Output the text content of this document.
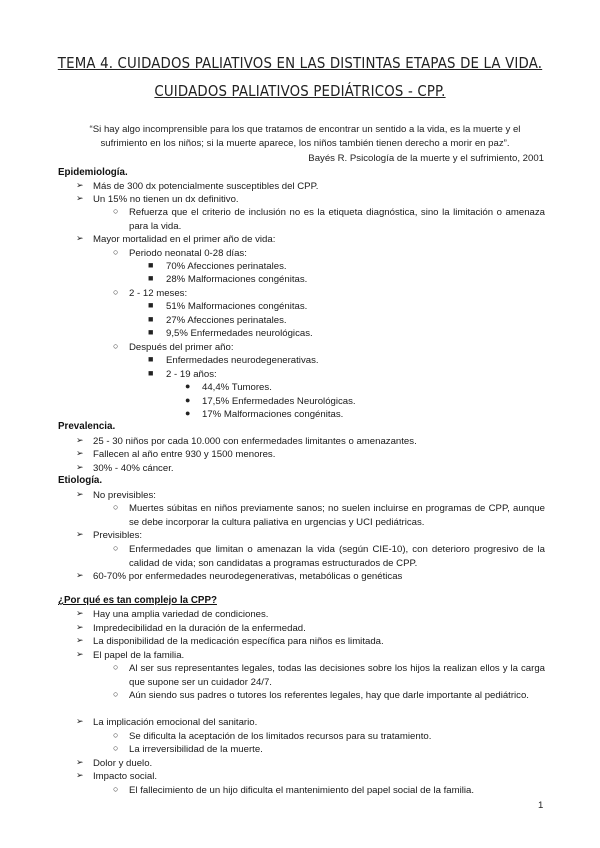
TEMA 4. CUIDADOS PALIATIVOS EN LAS DISTINTAS ETAPAS DE LA VIDA.
CUIDADOS PALIATIVOS PEDIÁTRICOS - CPP.
“Si hay algo incomprensible para los que tratamos de encontrar un sentido a la vida, es la muerte y el sufrimiento en los niños; si la muerte aparece, los niños también tienen derecho a morir en paz”.
Bayés R. Psicología de la muerte y el sufrimiento, 2001
Epidemiología.
➢ Más de 300 dx potencialmente susceptibles del CPP.
➢ Un 15% no tienen un dx definitivo.
○	Refuerza que el criterio de inclusión no es la etiqueta diagnóstica, sino la limitación o amenaza para la vida.
➢ Mayor mortalidad en el primer año de vida:
○	Periodo neonatal 0-28 días:
■	70% Afecciones perinatales.
■	28% Malformaciones congénitas.
○	2 - 12 meses:
■	51% Malformaciones congénitas.
■	27% Afecciones perinatales.
■	9,5% Enfermedades neurológicas.
○	Después del primer año:
■	Enfermedades neurodegenerativas.
■	2 - 19 años:
●	44,4% Tumores.
●	17,5% Enfermedades Neurológicas.
●	17% Malformaciones congénitas.
Prevalencia.
➢ 25 - 30 niños por cada 10.000 con enfermedades limitantes o amenazantes.
➢ Fallecen al año entre 930 y 1500 menores.
➢ 30% - 40% cáncer.
Etiología.
➢ No previsibles:
○	Muertes súbitas en niños previamente sanos; no suelen incluirse en programas de CPP, aunque se debe incorporar la cultura paliativa en urgencias y UCI pediátricas.
➢ Previsibles:
○	Enfermedades que limitan o amenazan la vida (según CIE-10), con deterioro progresivo de la calidad de vida; son candidatas a programas estructurados de CPP.
➢ 60-70% por enfermedades neurodegenerativas, metabólicas o genéticas
¿Por qué es tan complejo la CPP?
➢ Hay una amplia variedad de condiciones.
➢ Impredecibilidad en la duración de la enfermedad.
➢ La disponibilidad de la medicación específica para niños es limitada.
➢ El papel de la familia.
○	Al ser sus representantes legales, todas las decisiones sobre los hijos la realizan ellos y la carga que supone ser un cuidador 24/7.
○	Aún siendo sus padres o tutores los referentes legales, hay que darle importante al pediátrico.
➢ La implicación emocional del sanitario.
○	Se dificulta la aceptación de los limitados recursos para su tratamiento.
○	La irreversibilidad de la muerte.
➢ Dolor y duelo.
➢ Impacto social.
○	El fallecimiento de un hijo dificulta el mantenimiento del papel social de la familia.
1
